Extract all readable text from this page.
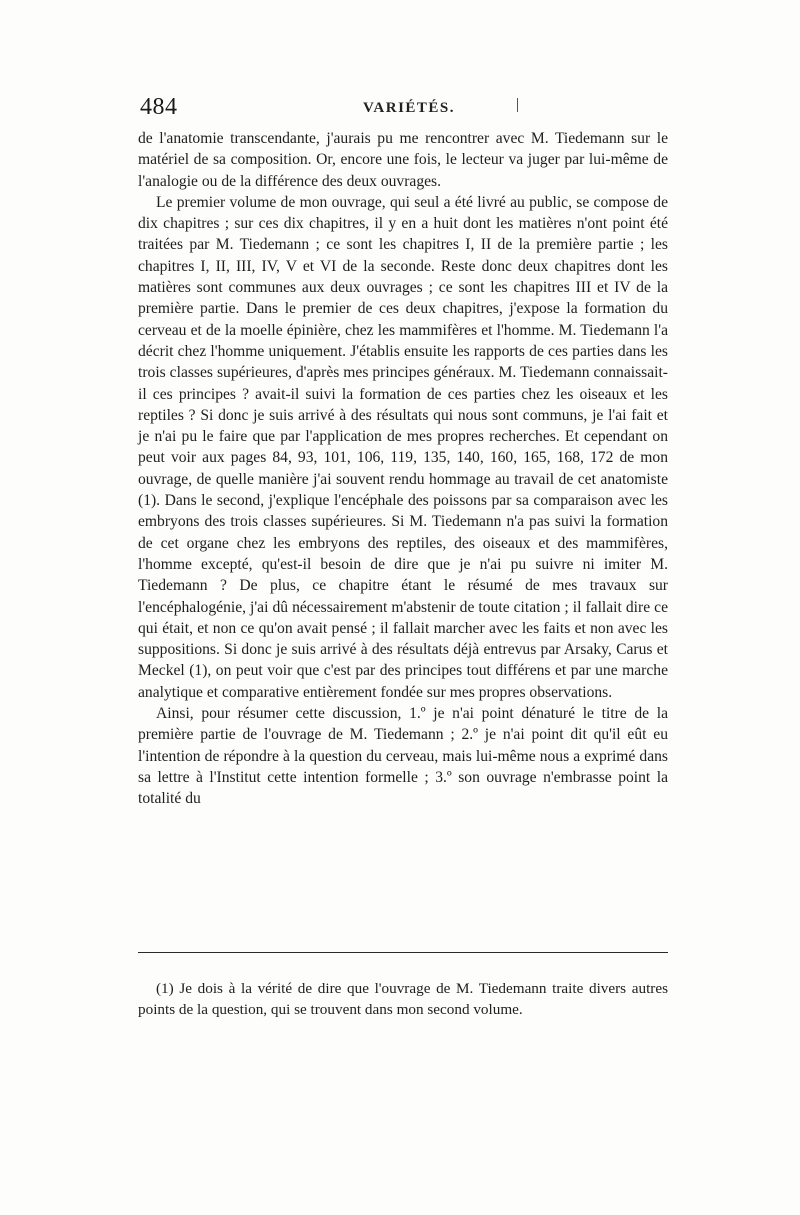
484	VARIÉTÉS.

de l'anatomie transcendante, j'aurais pu me rencontrer avec M. Tiedemann sur le matériel de sa composition. Or, encore une fois, le lecteur va juger par lui-même de l'analogie ou de la différence des deux ouvrages.

Le premier volume de mon ouvrage, qui seul a été livré au public, se compose de dix chapitres ; sur ces dix chapitres, il y en a huit dont les matières n'ont point été traitées par M. Tiedemann ; ce sont les chapitres I, II de la première partie ; les chapitres I, II, III, IV, V et VI de la seconde. Reste donc deux chapitres dont les matières sont communes aux deux ouvrages ; ce sont les chapitres III et IV de la première partie. Dans le premier de ces deux chapitres, j'expose la formation du cerveau et de la moelle épinière, chez les mammifères et l'homme. M. Tiedemann l'a décrit chez l'homme uniquement. J'établis ensuite les rapports de ces parties dans les trois classes supérieures, d'après mes principes généraux. M. Tiedemann connaissait-il ces principes ? avait-il suivi la formation de ces parties chez les oiseaux et les reptiles ? Si donc je suis arrivé à des résultats qui nous sont communs, je l'ai fait et je n'ai pu le faire que par l'application de mes propres recherches. Et cependant on peut voir aux pages 84, 93, 101, 106, 119, 135, 140, 160, 165, 168, 172 de mon ouvrage, de quelle manière j'ai souvent rendu hommage au travail de cet anatomiste (1). Dans le second, j'explique l'encéphale des poissons par sa comparaison avec les embryons des trois classes supérieures. Si M. Tiedemann n'a pas suivi la formation de cet organe chez les embryons des reptiles, des oiseaux et des mammifères, l'homme excepté, qu'est-il besoin de dire que je n'ai pu suivre ni imiter M. Tiedemann ? De plus, ce chapitre étant le résumé de mes travaux sur l'encéphalogénie, j'ai dû nécessairement m'abstenir de toute citation ; il fallait dire ce qui était, et non ce qu'on avait pensé ; il fallait marcher avec les faits et non avec les suppositions. Si donc je suis arrivé à des résultats déjà entrevus par Arsaky, Carus et Meckel (1), on peut voir que c'est par des principes tout différens et par une marche analytique et comparative entièrement fondée sur mes propres observations.

Ainsi, pour résumer cette discussion, 1.º je n'ai point dénaturé le titre de la première partie de l'ouvrage de M. Tiedemann ; 2.º je n'ai point dit qu'il eût eu l'intention de répondre à la question du cerveau, mais lui-même nous a exprimé dans sa lettre à l'Institut cette intention formelle ; 3.º son ouvrage n'embrasse point la totalité du

(1) Je dois à la vérité de dire que l'ouvrage de M. Tiedemann traite divers autres points de la question, qui se trouvent dans mon second volume.
